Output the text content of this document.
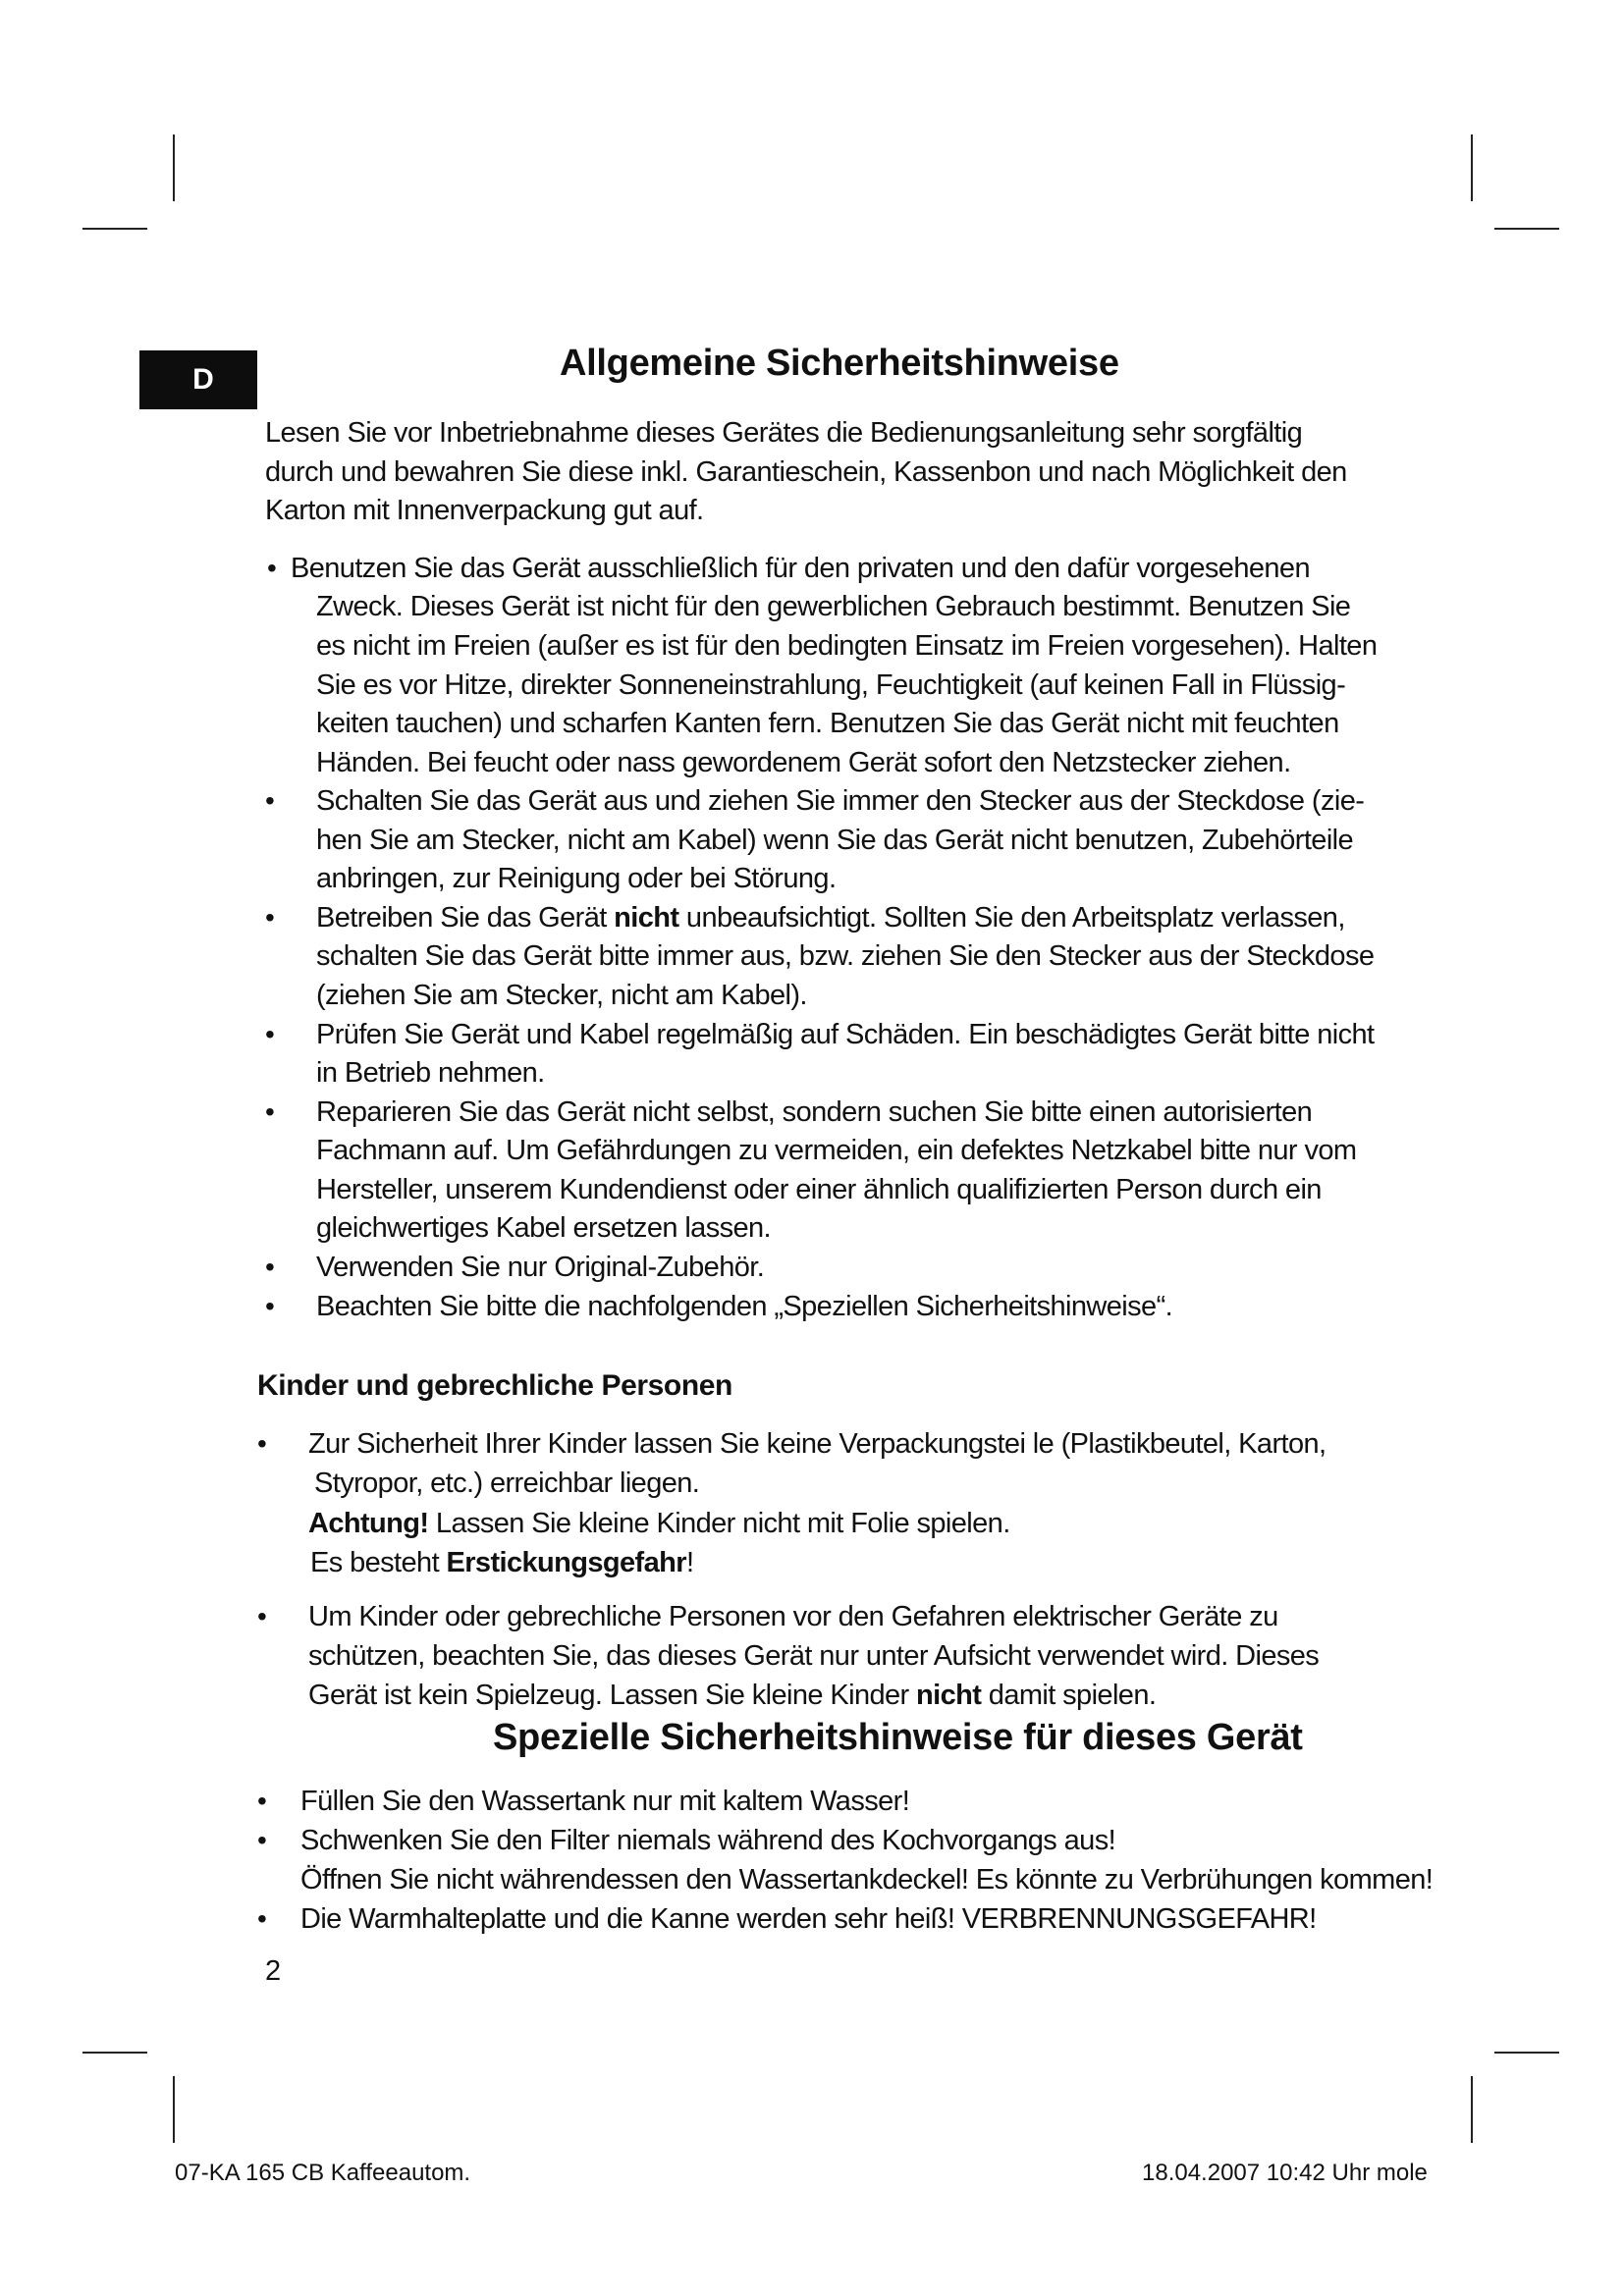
D	Allgemeine Sicherheitshinweise
Lesen Sie vor Inbetriebnahme dieses Gerätes die Bedienungsanleitung sehr sorgfältig
durch und bewahren Sie diese inkl. Garantieschein, Kassenbon und nach Möglichkeit den
Karton mit Innenverpackung gut auf.
• Benutzen Sie das Gerät ausschließlich für den privaten und den dafür vorgesehenen
Zweck. Dieses Gerät ist nicht für den gewerblichen Gebrauch bestimmt. Benutzen Sie
es nicht im Freien (außer es ist für den bedingten Einsatz im Freien vorgesehen). Halten
Sie es vor Hitze, direkter Sonneneinstrahlung, Feuchtigkeit (auf keinen Fall in Flüssig-
keiten tauchen) und scharfen Kanten fern. Benutzen Sie das Gerät nicht mit feuchten
Händen. Bei feucht oder nass gewordenem Gerät sofort den Netzstecker ziehen.
• Schalten Sie das Gerät aus und ziehen Sie immer den Stecker aus der Steckdose (zie-
hen Sie am Stecker, nicht am Kabel) wenn Sie das Gerät nicht benutzen, Zubehörteile
anbringen, zur Reinigung oder bei Störung.
• Betreiben Sie das Gerät nicht unbeaufsichtigt. Sollten Sie den Arbeitsplatz verlassen,
schalten Sie das Gerät bitte immer aus, bzw. ziehen Sie den Stecker aus der Steckdose
(ziehen Sie am Stecker, nicht am Kabel).
• Prüfen Sie Gerät und Kabel regelmäßig auf Schäden. Ein beschädigtes Gerät bitte nicht
in Betrieb nehmen.
• Reparieren Sie das Gerät nicht selbst, sondern suchen Sie bitte einen autorisierten
Fachmann auf. Um Gefährdungen zu vermeiden, ein defektes Netzkabel bitte nur vom
Hersteller, unserem Kundendienst oder einer ähnlich qualifizierten Person durch ein
gleichwertiges Kabel ersetzen lassen.
• Verwenden Sie nur Original-Zubehör.
• Beachten Sie bitte die nachfolgenden „Speziellen Sicherheitshinweise“.
Kinder und gebrechliche Personen
• Zur Sicherheit Ihrer Kinder lassen Sie keine Verpackungstei le (Plastikbeutel, Karton,
Styropor, etc.) erreichbar liegen.
Achtung! Lassen Sie kleine Kinder nicht mit Folie spielen.
Es besteht Erstickungsgefahr!
• Um Kinder oder gebrechliche Personen vor den Gefahren elektrischer Geräte zu
schützen, beachten Sie, das dieses Gerät nur unter Aufsicht verwendet wird. Dieses
Gerät ist kein Spielzeug. Lassen Sie kleine Kinder nicht damit spielen.
Spezielle Sicherheitshinweise für dieses Gerät
• Füllen Sie den Wassertank nur mit kaltem Wasser!
• Schwenken Sie den Filter niemals während des Kochvorgangs aus!
Öffnen Sie nicht währendessen den Wassertankdeckel! Es könnte zu Verbrühungen kommen!
• Die Warmhalteplatte und die Kanne werden sehr heiß! VERBRENNUNGSGEFAHR!
2
07-KA 165 CB Kaffeeautom.	18.04.2007 10:42 Uhr mole
